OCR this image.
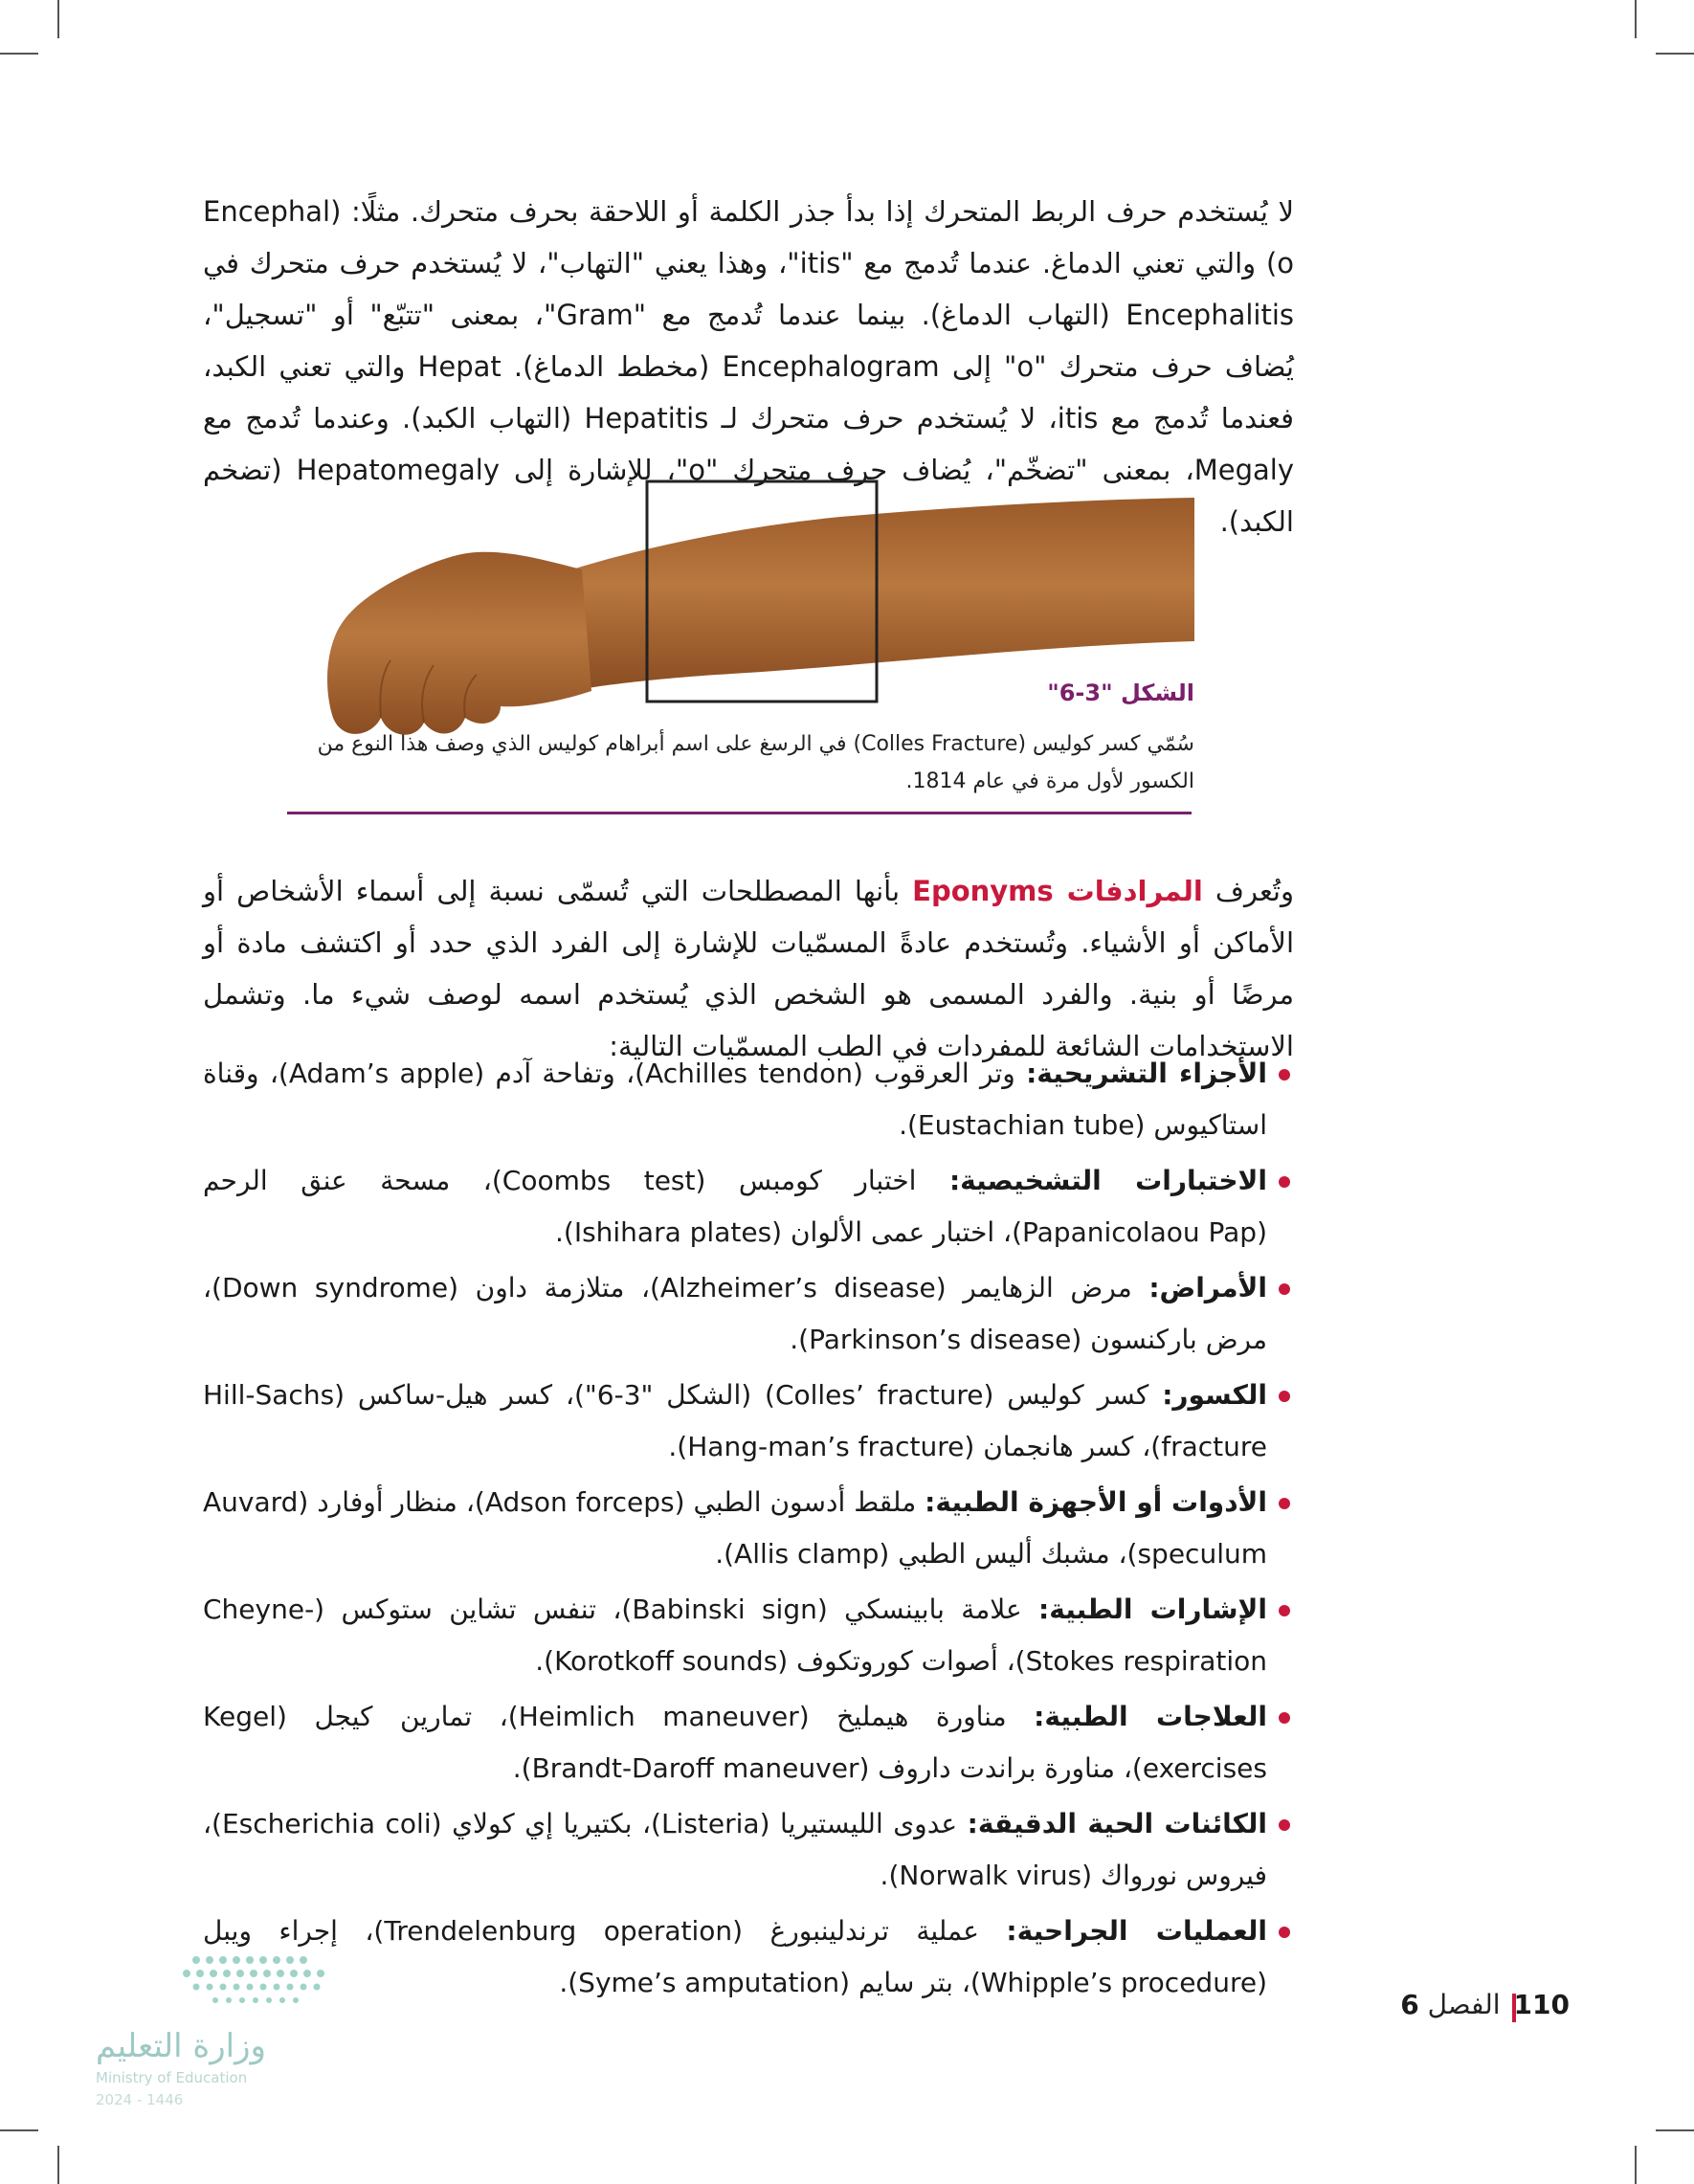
لا يُستخدم حرف الربط المتحرك إذا بدأ جذر الكلمة أو اللاحقة بحرف متحرك. مثلًا: (Encephal (o والتي تعني الدماغ. عندما تُدمج مع "itis"، وهذا يعني "التهاب"، لا يُستخدم حرف متحرك في Encephalitis (التهاب الدماغ). بينما عندما تُدمج مع "Gram"، بمعنى "تتبّع" أو "تسجيل"، يُضاف حرف متحرك "o" إلى Encephalogram (مخطط الدماغ). Hepat والتي تعني الكبد، فعندما تُدمج مع itis، لا يُستخدم حرف متحرك لـ Hepatitis (التهاب الكبد). وعندما تُدمج مع Megaly، بمعنى "تضخّم"، يُضاف حرف متحرك "o"، للإشارة إلى Hepatomegaly (تضخم الكبد).

الشكل "3-6"
سُمّي كسر كوليس (Colles Fracture) في الرسغ على اسم أبراهام كوليس الذي وصف هذا النوع من الكسور لأول مرة في عام 1814.

وتُعرف المرادفات Eponyms بأنها المصطلحات التي تُسمّى نسبة إلى أسماء الأشخاص أو الأماكن أو الأشياء. وتُستخدم عادةً المسمّيات للإشارة إلى الفرد الذي حدد أو اكتشف مادة أو مرضًا أو بنية. والفرد المسمى هو الشخص الذي يُستخدم اسمه لوصف شيء ما. وتشمل الاستخدامات الشائعة للمفردات في الطب المسمّيات التالية:

الأجزاء التشريحية: وتر العرقوب (Achilles tendon)، وتفاحة آدم (Adam’s apple)، وقناة استاكيوس (Eustachian tube).
الاختبارات التشخيصية: اختبار كومبس (Coombs test)، مسحة عنق الرحم (Papanicolaou Pap)، اختبار عمى الألوان (Ishihara plates).
الأمراض: مرض الزهايمر (Alzheimer’s disease)، متلازمة داون (Down syndrome)، مرض باركنسون (Parkinson’s disease).
الكسور: كسر كوليس (Colles’ fracture) (الشكل "3-6")، كسر هيل-ساكس (Hill-Sachs fracture)، كسر هانجمان (Hang-man’s fracture).
الأدوات أو الأجهزة الطبية: ملقط أدسون الطبي (Adson forceps)، منظار أوفارد (Auvard speculum)، مشبك أليس الطبي (Allis clamp).
الإشارات الطبية: علامة بابينسكي (Babinski sign)، تنفس تشاين ستوكس (Cheyne-Stokes respiration)، أصوات كوروتكوف (Korotkoff sounds).
العلاجات الطبية: مناورة هيمليخ (Heimlich maneuver)، تمارين كيجل (Kegel exercises)، مناورة براندت داروف (Brandt-Daroff maneuver).
الكائنات الحية الدقيقة: عدوى الليستيريا (Listeria)، بكتيريا إي كولاي (Escherichia coli)، فيروس نورواك (Norwalk virus).
العمليات الجراحية: عملية ترندلينبورغ (Trendelenburg operation)، إجراء ويبل (Whipple’s procedure)، بتر سايم (Syme’s amputation).
110الفصل 6
وزارة التعليم
Ministry of Education
2024 - 1446
